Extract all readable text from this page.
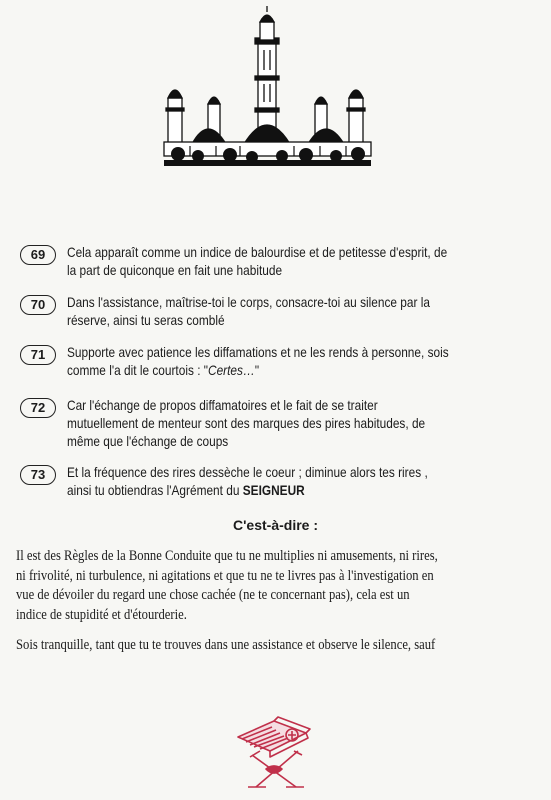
69	Cela apparaît comme un indice de balourdise et de petitesse d'esprit, de
la part de quiconque en fait une habitude
70	Dans l'assistance, maîtrise-toi le corps, consacre-toi au silence par la
réserve, ainsi tu seras comblé
71	Supporte avec patience les diffamations et ne les rends à personne, sois
comme l'a dit le courtois : "Certes…"
72	Car l'échange de propos diffamatoires et le fait de se traiter
mutuellement de menteur sont des marques des pires habitudes, de
même que l'échange de coups
73	Et la fréquence des rires dessèche le coeur ; diminue alors tes rires ,
ainsi tu obtiendras l'Agrément du SEIGNEUR
C'est-à-dire :
Il est des Règles de la Bonne Conduite que tu ne multiplies ni amusements, ni rires,
ni frivolité, ni turbulence, ni agitations et que tu ne te livres pas à l'investigation en
vue de dévoiler du regard une chose cachée (ne te concernant pas), cela est un
indice de stupidité et d'étourderie.
Sois tranquille, tant que tu te trouves dans une assistance et observe le silence, sauf
